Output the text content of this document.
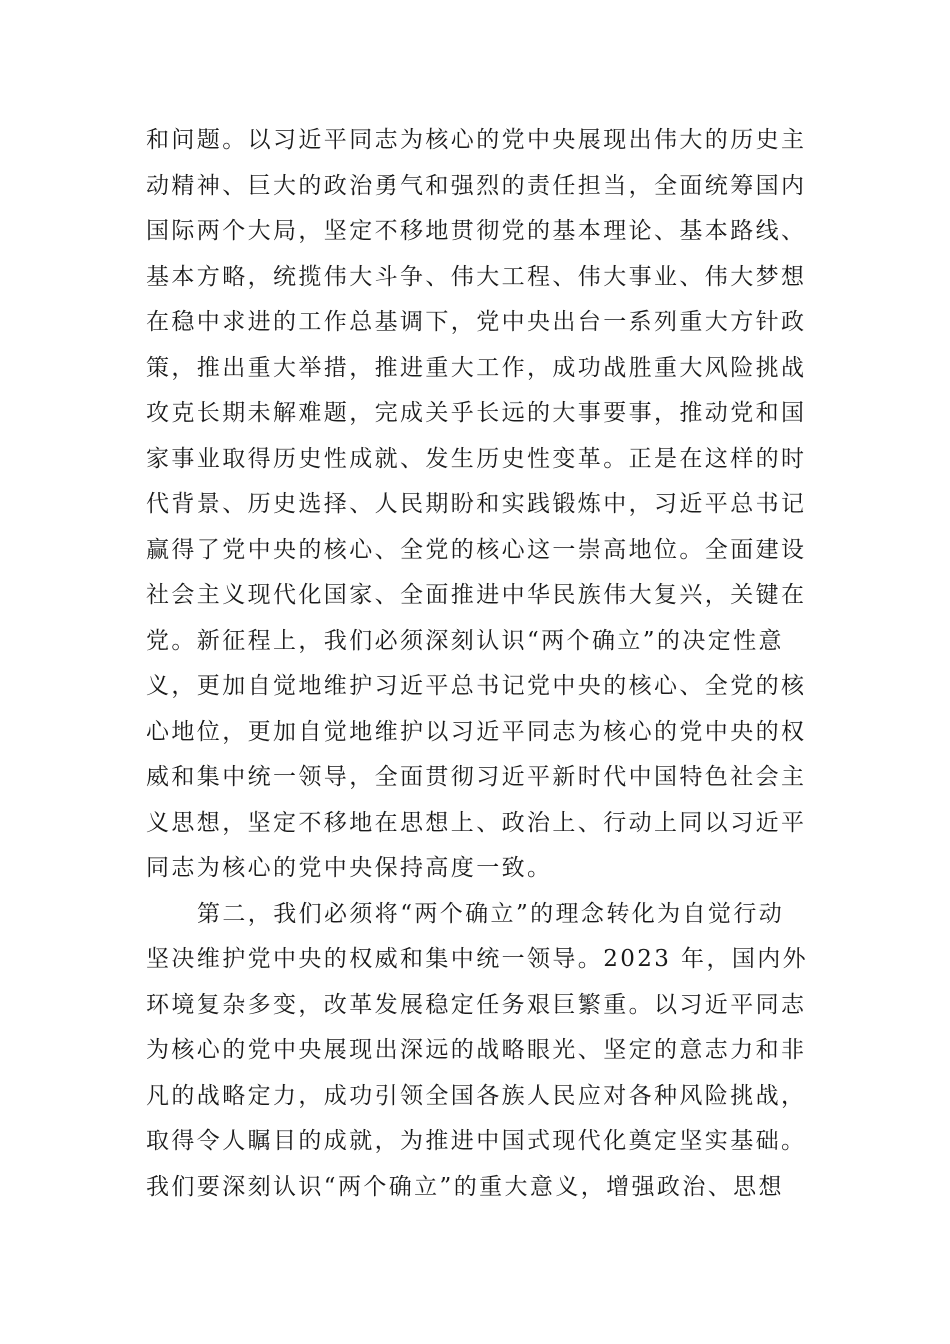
和问题。以习近平同志为核心的党中央展现出伟大的历史主
动精神、巨大的政治勇气和强烈的责任担当，全面统筹国内
国际两个大局，坚定不移地贯彻党的基本理论、基本路线、
基本方略，统揽伟大斗争、伟大工程、伟大事业、伟大梦想
在稳中求进的工作总基调下，党中央出台一系列重大方针政
策，推出重大举措，推进重大工作，成功战胜重大风险挑战
攻克长期未解难题，完成关乎长远的大事要事，推动党和国
家事业取得历史性成就、发生历史性变革。正是在这样的时
代背景、历史选择、人民期盼和实践锻炼中，习近平总书记
赢得了党中央的核心、全党的核心这一崇高地位。全面建设
社会主义现代化国家、全面推进中华民族伟大复兴，关键在
党。新征程上，我们必须深刻认识“两个确立”的决定性意
义，更加自觉地维护习近平总书记党中央的核心、全党的核
心地位，更加自觉地维护以习近平同志为核心的党中央的权
威和集中统一领导，全面贯彻习近平新时代中国特色社会主
义思想，坚定不移地在思想上、政治上、行动上同以习近平
同志为核心的党中央保持高度一致。
第二，我们必须将“两个确立”的理念转化为自觉行动
坚决维护党中央的权威和集中统一领导。2023 年，国内外
环境复杂多变，改革发展稳定任务艰巨繁重。以习近平同志
为核心的党中央展现出深远的战略眼光、坚定的意志力和非
凡的战略定力，成功引领全国各族人民应对各种风险挑战，
取得令人瞩目的成就，为推进中国式现代化奠定坚实基础。
我们要深刻认识“两个确立”的重大意义，增强政治、思想
